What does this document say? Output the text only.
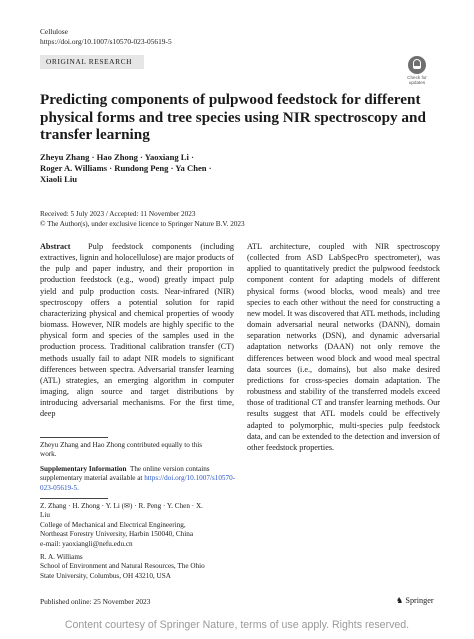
Cellulose
https://doi.org/10.1007/s10570-023-05619-5
ORIGINAL RESEARCH
Check for updates
Predicting components of pulpwood feedstock for different physical forms and tree species using NIR spectroscopy and transfer learning
Zheyu Zhang · Hao Zhong · Yaoxiang Li ·
Roger A. Williams · Rundong Peng · Ya Chen ·
Xiaoli Liu
Received: 5 July 2023 / Accepted: 11 November 2023
© The Author(s), under exclusive licence to Springer Nature B.V. 2023

Abstract Pulp feedstock components (including extractives, lignin and holocellulose) are major products of the pulp and paper industry, and their proportion in production feedstock (e.g., wood) greatly impact pulp yield and pulp production costs. Near-infrared (NIR) spectroscopy offers a potential solution for rapid characterizing physical and chemical properties of woody biomass. However, NIR models are highly specific to the physical form and species of the samples used in the production process. Traditional calibration transfer (CT) methods usually fail to adapt NIR models to significant differences between spectra. Adversarial transfer learning (ATL) strategies, an emerging algorithm in computer imaging, align source and target distributions by introducing adversarial mechanisms. For the first time, deep

ATL architecture, coupled with NIR spectroscopy (collected from ASD LabSpecPro spectrometer), was applied to quantitatively predict the pulpwood feedstock component content for adapting models of different physical forms (wood blocks, wood meals) and tree species to each other without the need for constructing a new model. It was discovered that ATL methods, including domain adversarial neural networks (DANN), domain separation networks (DSN), and dynamic adversarial adaptation networks (DAAN) not only remove the differences between wood block and wood meal spectral data sources (i.e., domains), but also make desired predictions for cross-species domain adaptation. The robustness and stability of the transferred models exceed those of traditional CT and transfer learning methods. Our results suggest that ATL models could be effectively adapted to polymorphic, multi-species pulp feedstock data, and can be extended to the detection and inversion of other feedstock properties.

Zheyu Zhang and Hao Zhong contributed equally to this work.

Supplementary Information The online version contains supplementary material available at https://doi.org/10.1007/s10570-023-05619-5.

Z. Zhang · H. Zhong · Y. Li (✉) · R. Peng · Y. Chen · X. Liu

College of Mechanical and Electrical Engineering, Northeast Forestry University, Harbin 150040, China

e-mail: yaoxiangli@nefu.edu.cn

R. A. Williams

School of Environment and Natural Resources, The Ohio State University, Columbus, OH 43210, USA

Published online: 25 November 2023	♞ Springer
Content courtesy of Springer Nature, terms of use apply. Rights reserved.
